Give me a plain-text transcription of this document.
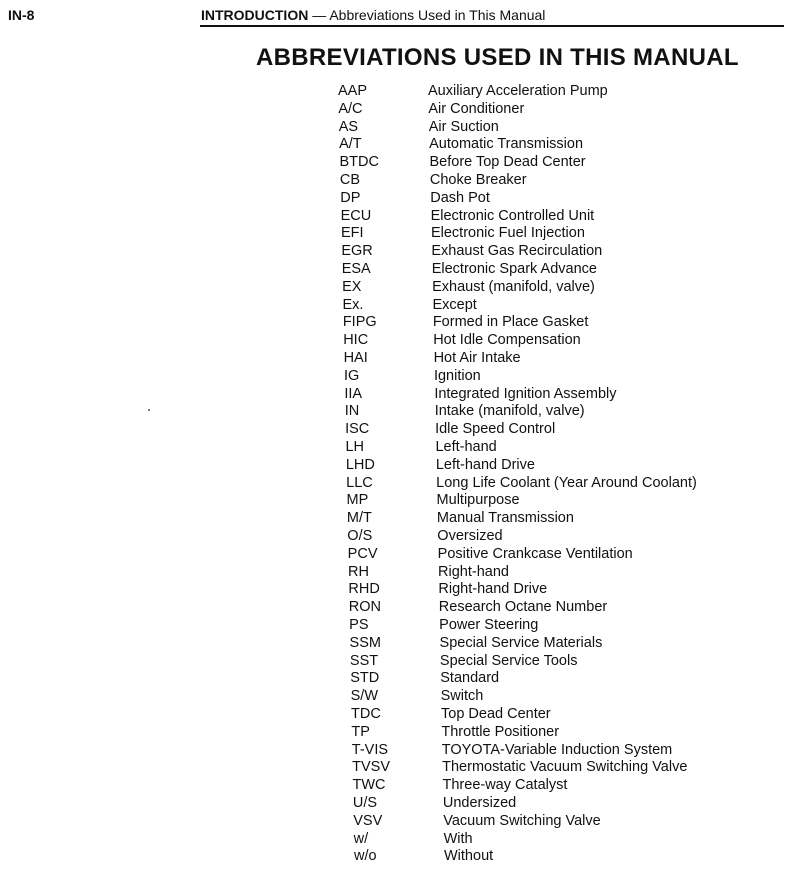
IN-8	INTRODUCTION — Abbreviations Used in This Manual
ABBREVIATIONS USED IN THIS MANUAL
AAP	Auxiliary Acceleration Pump
A/C	Air Conditioner
AS	Air Suction
A/T	Automatic Transmission
BTDC	Before Top Dead Center
CB	Choke Breaker
DP	Dash Pot
ECU	Electronic Controlled Unit
EFI	Electronic Fuel Injection
EGR	Exhaust Gas Recirculation
ESA	Electronic Spark Advance
EX	Exhaust (manifold, valve)
Ex.	Except
FIPG	Formed in Place Gasket
HIC	Hot Idle Compensation
HAI	Hot Air Intake
IG	Ignition
IIA	Integrated Ignition Assembly
IN	Intake (manifold, valve)
ISC	Idle Speed Control
LH	Left-hand
LHD	Left-hand Drive
LLC	Long Life Coolant (Year Around Coolant)
MP	Multipurpose
M/T	Manual Transmission
O/S	Oversized
PCV	Positive Crankcase Ventilation
RH	Right-hand
RHD	Right-hand Drive
RON	Research Octane Number
PS	Power Steering
SSM	Special Service Materials
SST	Special Service Tools
STD	Standard
S/W	Switch
TDC	Top Dead Center
TP	Throttle Positioner
T-VIS	TOYOTA-Variable Induction System
TVSV	Thermostatic Vacuum Switching Valve
TWC	Three-way Catalyst
U/S	Undersized
VSV	Vacuum Switching Valve
w/	With
w/o	Without
